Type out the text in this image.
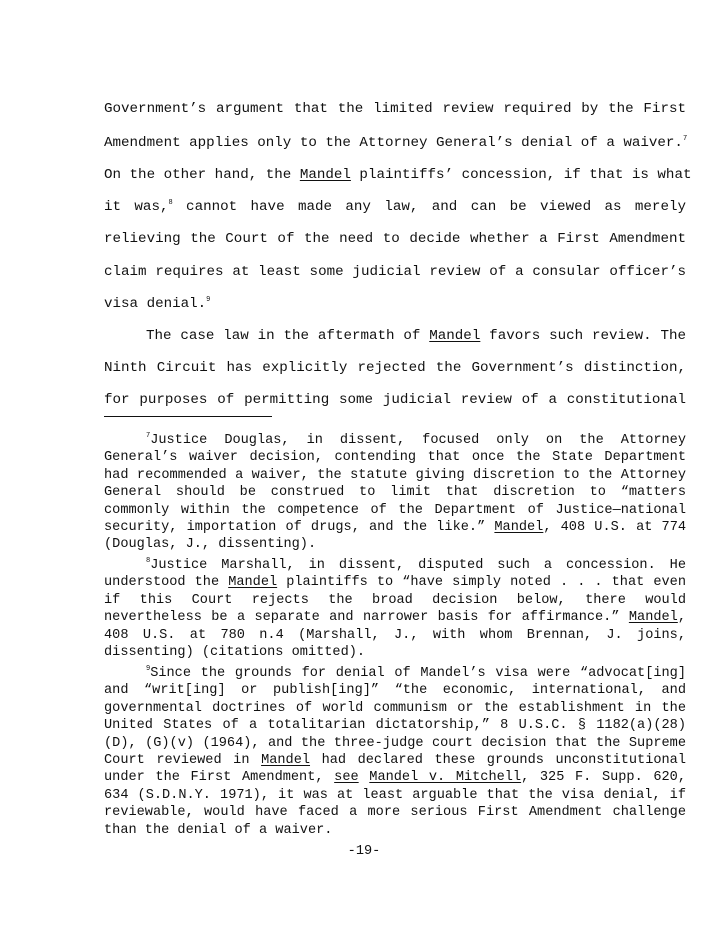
Government’s argument that the limited review required by the First
Amendment applies only to the Attorney General’s denial of a waiver.$^7$
On the other hand, the Mandel plaintiffs’ concession, if that is what
it was,$^8$ cannot have made any law, and can be viewed as merely
relieving the Court of the need to decide whether a First Amendment
claim requires at least some judicial review of a consular officer’s
visa denial.$^9$
The case law in the aftermath of Mandel favors such review. The
Ninth Circuit has explicitly rejected the Government’s distinction,
for purposes of permitting some judicial review of a constitutional
$^7$Justice Douglas, in dissent, focused only on the Attorney General’s waiver decision, contending that once the State Department had recommended a waiver, the statute giving discretion to the Attorney General should be construed to limit that discretion to “matters commonly within the competence of the Department of Justice—national security, importation of drugs, and the like.” Mandel, 408 U.S. at 774 (Douglas, J., dissenting).
$^8$Justice Marshall, in dissent, disputed such a concession. He understood the Mandel plaintiffs to “have simply noted . . . that even if this Court rejects the broad decision below, there would nevertheless be a separate and narrower basis for affirmance.” Mandel, 408 U.S. at 780 n.4 (Marshall, J., with whom Brennan, J. joins, dissenting) (citations omitted).
$^9$Since the grounds for denial of Mandel’s visa were “advocat[ing] and “writ[ing] or publish[ing]” “the economic, international, and governmental doctrines of world communism or the establishment in the United States of a totalitarian dictatorship,” 8 U.S.C. § 1182(a)(28)(D), (G)(v) (1964), and the three-judge court decision that the Supreme Court reviewed in Mandel had declared these grounds unconstitutional under the First Amendment, see Mandel v. Mitchell, 325 F. Supp. 620, 634 (S.D.N.Y. 1971), it was at least arguable that the visa denial, if reviewable, would have faced a more serious First Amendment challenge than the denial of a waiver.
-19-
